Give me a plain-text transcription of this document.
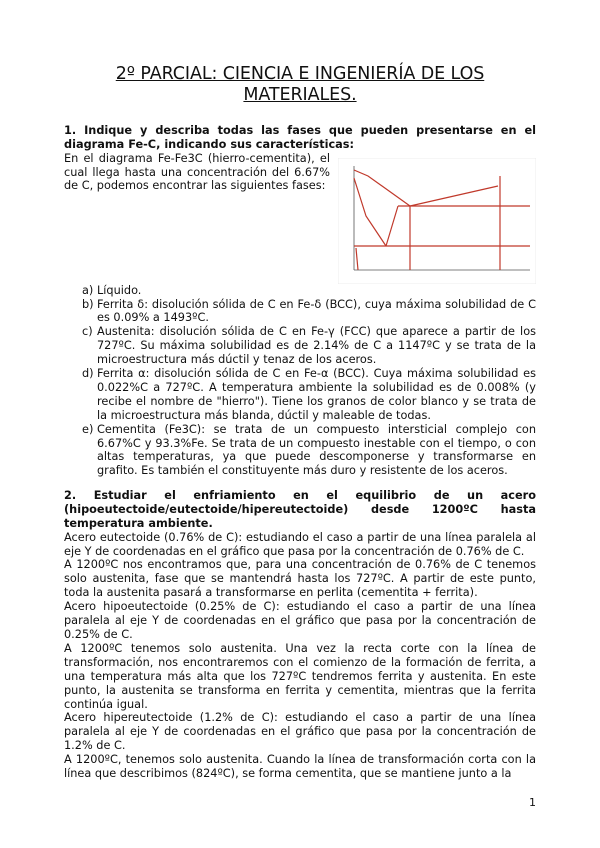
2º PARCIAL: CIENCIA E INGENIERÍA DE LOS MATERIALES.

1. Indique y describa todas las fases que pueden presentarse en el diagrama Fe-C, indicando sus características:

En el diagrama Fe-Fe3C (hierro-cementita), el cual llega hasta una concentración del 6.67% de C, podemos encontrar las siguientes fases:

a) Líquido.
b) Ferrita δ: disolución sólida de C en Fe-δ (BCC), cuya máxima solubilidad de C es 0.09% a 1493ºC.
c) Austenita: disolución sólida de C en Fe-γ (FCC) que aparece a partir de los 727ºC. Su máxima solubilidad es de 2.14% de C a 1147ºC y se trata de la microestructura más dúctil y tenaz de los aceros.
d) Ferrita α: disolución sólida de C en Fe-α (BCC). Cuya máxima solubilidad es 0.022%C a 727ºC. A temperatura ambiente la solubilidad es de 0.008% (y recibe el nombre de "hierro"). Tiene los granos de color blanco y se trata de la microestructura más blanda, dúctil y maleable de todas.
e) Cementita (Fe3C): se trata de un compuesto intersticial complejo con 6.67%C y 93.3%Fe. Se trata de un compuesto inestable con el tiempo, o con altas temperaturas, ya que puede descomponerse y transformarse en grafito. Es también el constituyente más duro y resistente de los aceros.

2. Estudiar el enfriamiento en el equilibrio de un acero (hipoeutectoide/eutectoide/hipereutectoide) desde 1200ºC hasta temperatura ambiente.

Acero eutectoide (0.76% de C): estudiando el caso a partir de una línea paralela al eje Y de coordenadas en el gráfico que pasa por la concentración de 0.76% de C.

A 1200ºC nos encontramos que, para una concentración de 0.76% de C tenemos solo austenita, fase que se mantendrá hasta los 727ºC. A partir de este punto, toda la austenita pasará a transformarse en perlita (cementita + ferrita).

Acero hipoeutectoide (0.25% de C): estudiando el caso a partir de una línea paralela al eje Y de coordenadas en el gráfico que pasa por la concentración de 0.25% de C.

A 1200ºC tenemos solo austenita. Una vez la recta corte con la línea de transformación, nos encontraremos con el comienzo de la formación de ferrita, a una temperatura más alta que los 727ºC tendremos ferrita y austenita. En este punto, la austenita se transforma en ferrita y cementita, mientras que la ferrita continúa igual.

Acero hipereutectoide (1.2% de C): estudiando el caso a partir de una línea paralela al eje Y de coordenadas en el gráfico que pasa por la concentración de 1.2% de C.

A 1200ºC, tenemos solo austenita. Cuando la línea de transformación corta con la línea que describimos (824ºC), se forma cementita, que se mantiene junto a la

1
